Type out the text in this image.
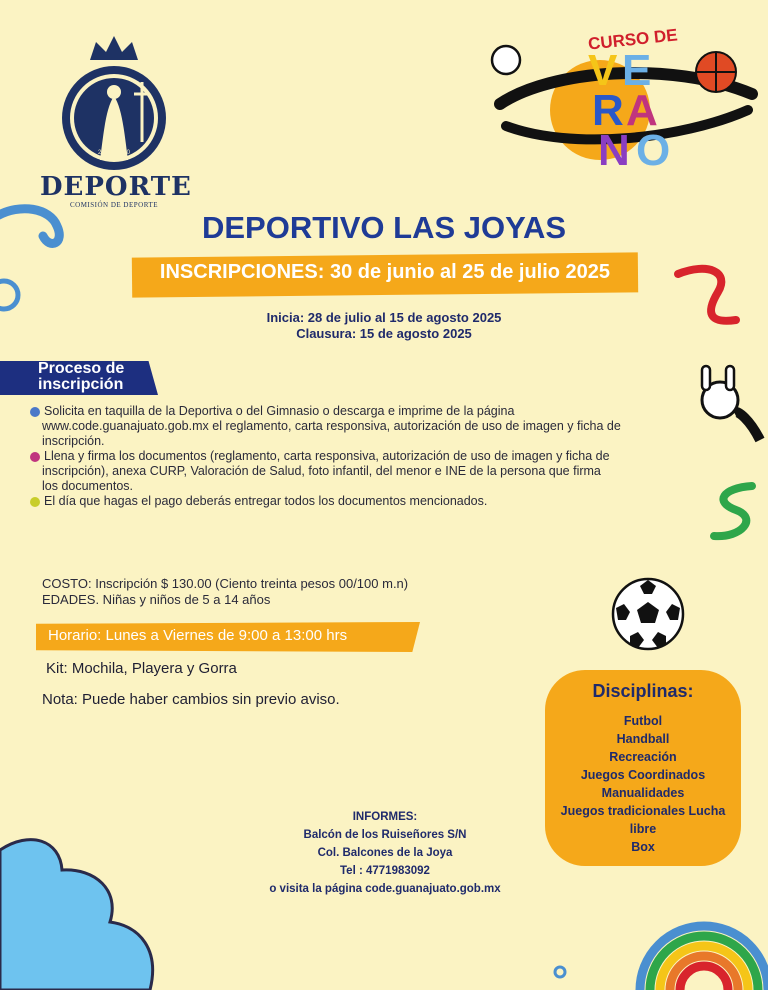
2024 - 2030
DEPORTE
COMISIÓN DE DEPORTE
CURSO DE
V E
R A
N O
DEPORTIVO LAS JOYAS
INSCRIPCIONES: 30 de junio al 25 de julio 2025
Inicia: 28 de julio al 15 de agosto 2025
Clausura: 15 de agosto 2025
Proceso de
inscripción
Solicita en taquilla de la Deportiva o del Gimnasio o descarga e imprime de la página
www.code.guanajuato.gob.mx el reglamento, carta responsiva, autorización de uso de imagen y ficha de
inscripción.
Llena y firma los documentos (reglamento, carta responsiva, autorización de uso de imagen y ficha de
inscripción), anexa CURP, Valoración de Salud, foto infantil, del menor e INE de la persona que firma
los documentos.
El día que hagas el pago deberás entregar todos los documentos mencionados.
COSTO: Inscripción $ 130.00 (Ciento treinta pesos 00/100 m.n)
EDADES. Niñas y niños de 5 a 14 años
Horario: Lunes a Viernes de 9:00 a 13:00 hrs
Kit: Mochila, Playera y Gorra
Nota: Puede haber cambios sin previo aviso.	Disciplinas:
Futbol
Handball
Recreación
Juegos Coordinados
Manualidades
Juegos tradicionales Lucha
libre
Box
INFORMES:
Balcón de los Ruiseñores S/N
Col. Balcones de la Joya
Tel : 4771983092
o visita la página code.guanajuato.gob.mx
